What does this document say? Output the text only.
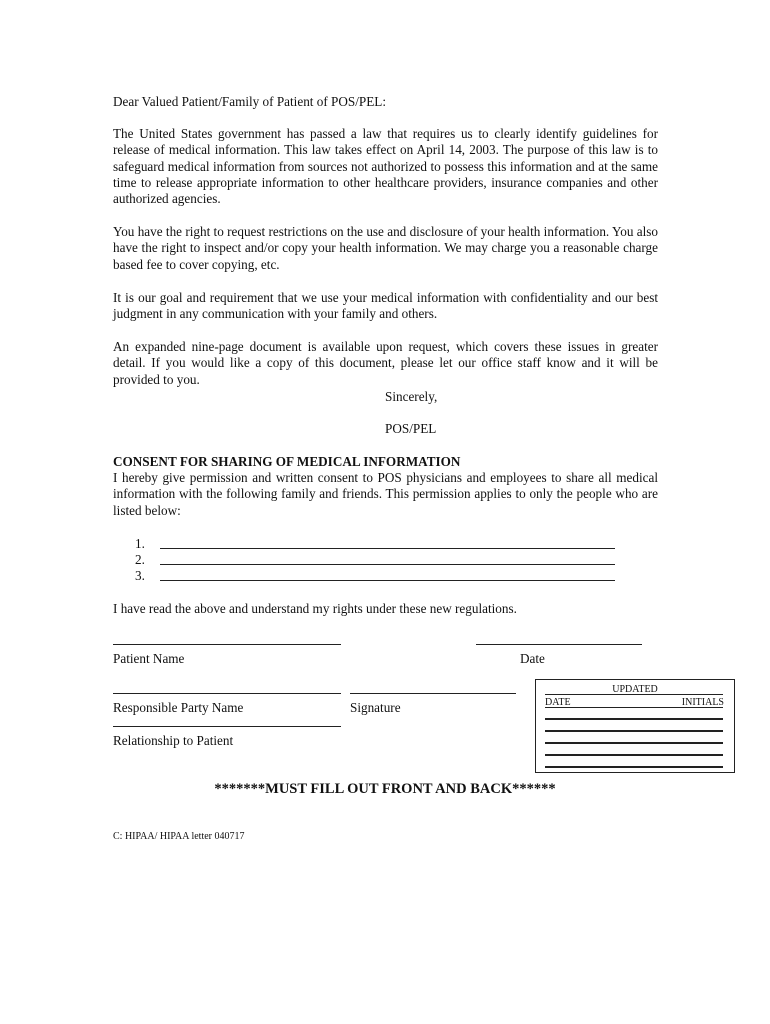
Dear Valued Patient/Family of Patient of POS/PEL:

The United States government has passed a law that requires us to clearly identify guidelines for release of medical information. This law takes effect on April 14, 2003. The purpose of this law is to safeguard medical information from sources not authorized to possess this information and at the same time to release appropriate information to other healthcare providers, insurance companies and other authorized agencies.

You have the right to request restrictions on the use and disclosure of your health information. You also have the right to inspect and/or copy your health information. We may charge you a reasonable charge based fee to cover copying, etc.

It is our goal and requirement that we use your medical information with confidentiality and our best judgment in any communication with your family and others.

An expanded nine-page document is available upon request, which covers these issues in greater detail. If you would like a copy of this document, please let our office staff know and it will be provided to you.

Sincerely,
POS/PEL
CONSENT FOR SHARING OF MEDICAL INFORMATION

I hereby give permission and written consent to POS physicians and employees to share all medical information with the following family and friends. This permission applies to only the people who are listed below:

1.
2.
3.
I have read the above and understand my rights under these new regulations.
Patient Name	Date
Responsible Party Name	Signature
Relationship to Patient
UPDATED
DATE	INITIALS
*******MUST FILL OUT FRONT AND BACK******
C: HIPAA/ HIPAA letter 040717
